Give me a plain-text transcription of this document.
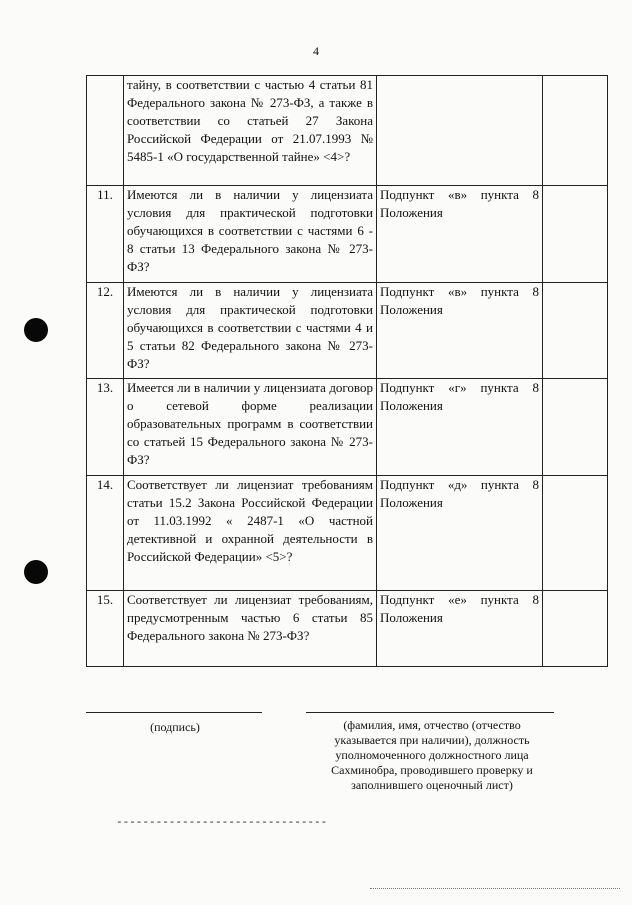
4
	тайну, в соответствии с частью 4 статьи 81 Федерального закона № 273-ФЗ, а также в соответствии со статьей 27 Закона Российской Федерации от 21.07.1993 № 5485-1 «О государственной тайне» <4>?		
11.	Имеются ли в наличии у лицензиата условия для практической подготовки обучающихся в соответствии с частями 6 - 8 статьи 13 Федерального закона № 273-ФЗ?	Подпункт «в» пункта 8 Положения	
12.	Имеются ли в наличии у лицензиата условия для практической подготовки обучающихся в соответствии с частями 4 и 5 статьи 82 Федерального закона № 273-ФЗ?	Подпункт «в» пункта 8 Положения	
13.	Имеется ли в наличии у лицензиата договор о сетевой форме реализации образовательных программ в соответствии со статьей 15 Федерального закона № 273-ФЗ?	Подпункт «г» пункта 8 Положения	
14.	Соответствует ли лицензиат требованиям статьи 15.2 Закона Российской Федерации от 11.03.1992 « 2487-1 «О частной детективной и охранной деятельности в Российской Федерации» <5>?	Подпункт «д» пункта 8 Положения	
15.	Соответствует ли лицензиат требованиям, предусмотренным частью 6 статьи 85 Федерального закона № 273-ФЗ?	Подпункт «е» пункта 8 Положения	
(подпись)	(фамилия, имя, отчество (отчество указывается при наличии), должность уполномоченного должностного лица Сахминобра, проводившего проверку и заполнившего оценочный лист)
--------------------------------
